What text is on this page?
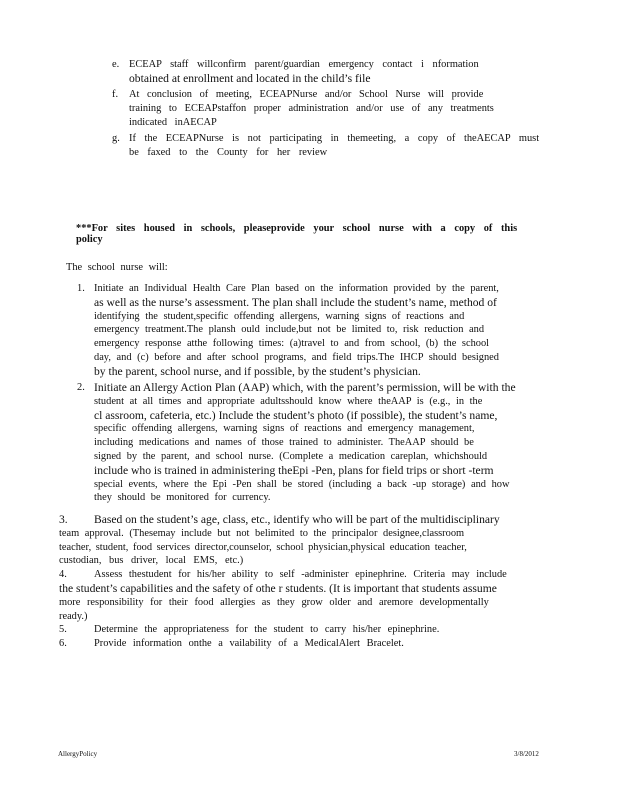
e. ECEAP staff willconfirm parent/guardian emergency contact i nformation

obtained at enrollment and located in the child’s file

f.	At conclusion of meeting, ECEAPNurse and/or School Nurse will provide

training to ECEAPstaffon proper administration and/or use of any treatments

indicated inAECAP

g. If the ECEAPNurse is not participating in themeeting, a copy of theAECAP must

be faxed to the County for her review

***For sites housed in schools, pleaseprovide your school nurse with a copy of this policy
The school nurse will:
1. Initiate an Individual Health Care Plan based on the information provided by the parent,

as well as the nurse’s assessment. The plan shall include the student’s name, method of

identifying the student,specific offending allergens, warning signs of reactions and

emergency treatment.The plansh ould include,but not be limited to, risk reduction and

emergency response atthe following times: (a)travel to and from school, (b) the school

day, and (c) before and after school programs, and field trips.The IHCP should besigned

by the parent, school nurse, and if possible, by the student’s physician.

2. Initiate an Allergy Action Plan (AAP) which, with the parent’s permission, will be with the

student at all times and appropriate adultsshould know where theAAP is (e.g., in the

cl assroom, cafeteria, etc.) Include the student’s photo (if possible), the student’s name,

specific offending allergens, warning signs of reactions and emergency management,

including medications and names of those trained to administer. TheAAP should be

signed by the parent, and school nurse. (Complete a medication careplan, whichshould

include who is trained in administering theEpi -Pen, plans for field trips or short -term

special events, where the Epi -Pen shall be stored (including a back -up storage) and how

they should be monitored for currency.

3. Based on the student’s age, class, etc., identify who will be part of the multidisciplinary

team approval. (Thesemay include but not belimited to the principalor designee,classroom

teacher, student, food services director,counselor, school physician,physical education teacher,

custodian, bus driver, local EMS, etc.)

4.	Assess thestudent for his/her ability to self -administer epinephrine. Criteria may include

the student’s capabilities and the safety of othe r students. (It is important that students assume

more responsibility for their food allergies as they grow older and aremore developmentally

ready.)

5.	Determine the appropriateness for the student to carry his/her epinephrine.

6.	Provide information onthe a vailability of a MedicalAlert Bracelet.

AllergyPolicy	3/8/2012
